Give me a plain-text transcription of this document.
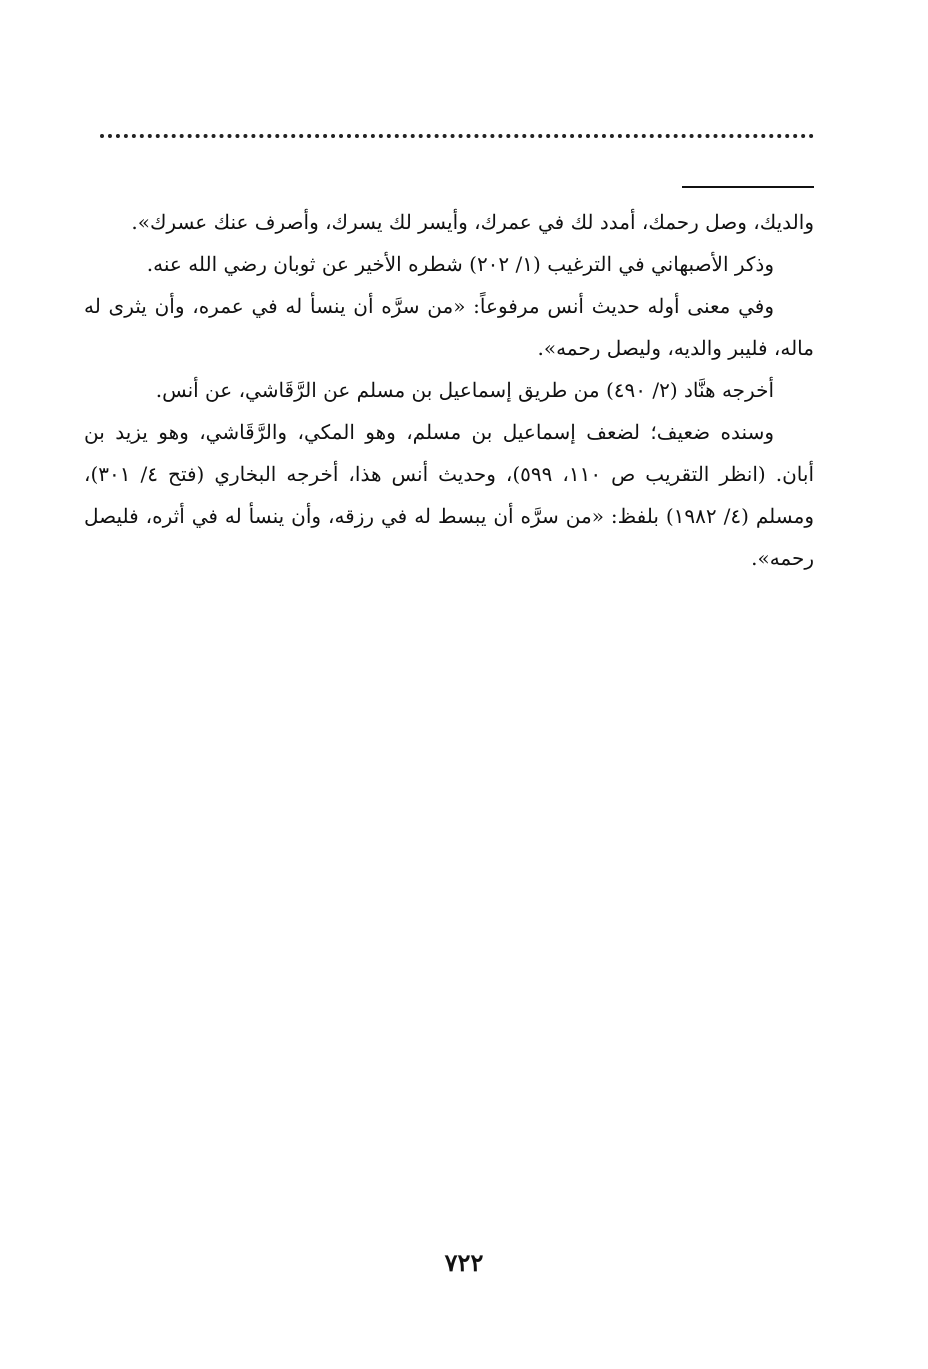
والديك، وصل رحمك، أمدد لك في عمرك، وأيسر لك يسرك، وأصرف عنك عسرك».

وذكر الأصبهاني في الترغيب (١/ ٢٠٢) شطره الأخير عن ثوبان رضي الله عنه.

وفي معنى أوله حديث أنس مرفوعاً: «من سرَّه أن ينسأ له في عمره، وأن يثرى له ماله، فليبر والديه، وليصل رحمه».

أخرجه هنَّاد (٢/ ٤٩٠) من طريق إسماعيل بن مسلم عن الرَّقَاشي، عن أنس.

وسنده ضعيف؛ لضعف إسماعيل بن مسلم، وهو المكي، والرَّقَاشي، وهو يزيد بن أبان. (انظر التقريب ص ١١٠، ٥٩٩)، وحديث أنس هذا، أخرجه البخاري (فتح ٤/ ٣٠١)، ومسلم (٤/ ١٩٨٢) بلفظ: «من سرَّه أن يبسط له في رزقه، وأن ينسأ له في أثره، فليصل رحمه».

٧٢٢
